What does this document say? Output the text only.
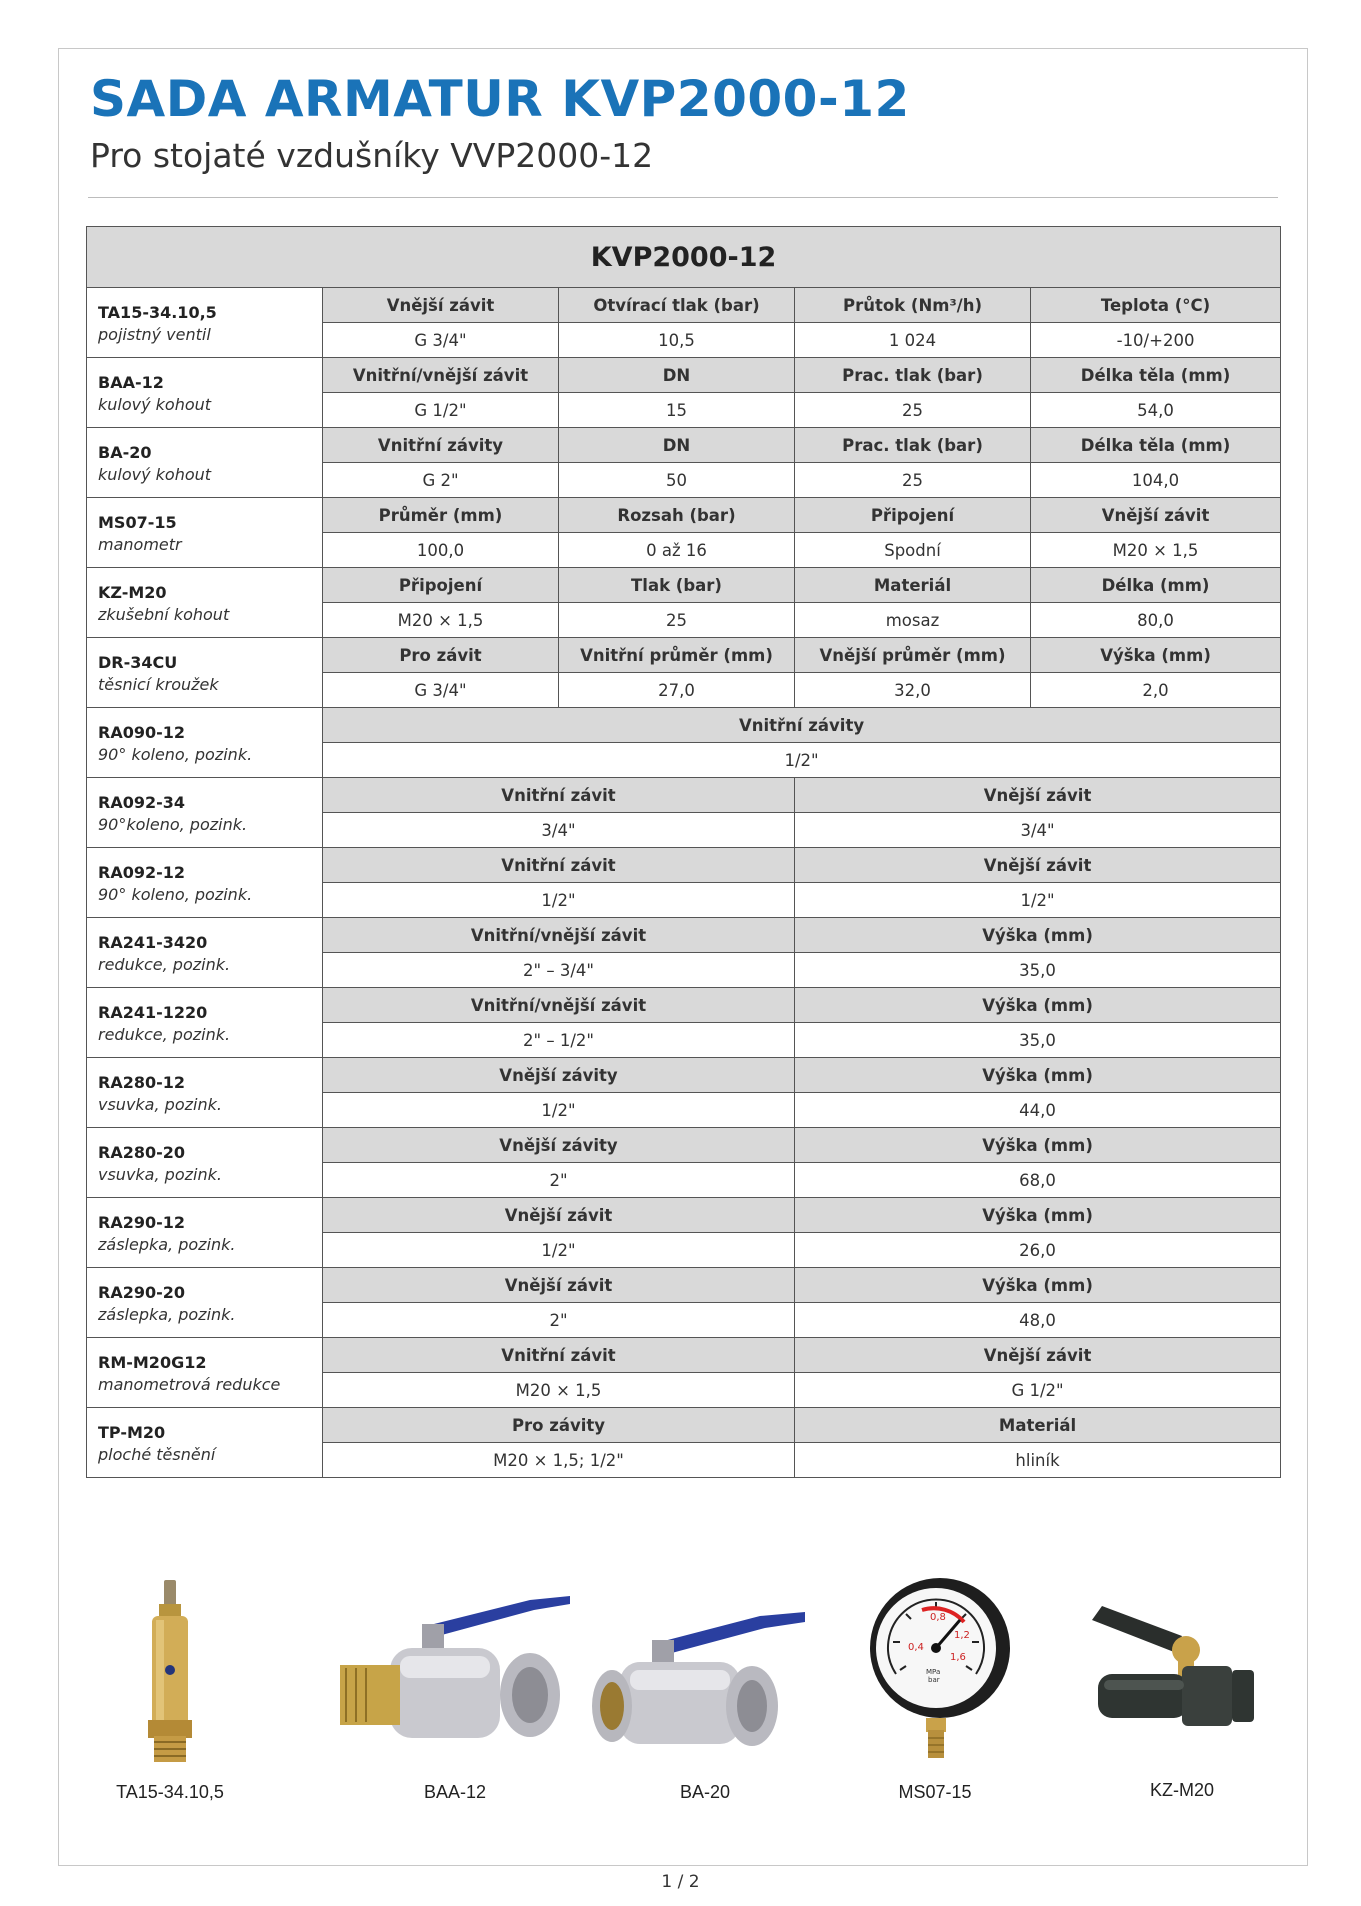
SADA ARMATUR KVP2000-12
Pro stojaté vzdušníky VVP2000-12
KVP2000-12				

TA15-34.10,5
pojistný ventil	Vnější závit	Otvírací tlak (bar)	Průtok (Nm³/h)	Teplota (°C)
	G 3/4"	10,5	1 024	-10/+200

BAA-12
kulový kohout	Vnitřní/vnější závit	DN	Prac. tlak (bar)	Délka těla (mm)
	G 1/2"	15	25	54,0

BA-20
kulový kohout	Vnitřní závity	DN	Prac. tlak (bar)	Délka těla (mm)
	G 2"	50	25	104,0

MS07-15
manometr	Průměr (mm)	Rozsah (bar)	Připojení	Vnější závit
	100,0	0 až 16	Spodní	M20 × 1,5

KZ-M20
zkušební kohout	Připojení	Tlak (bar)	Materiál	Délka (mm)
	M20 × 1,5	25	mosaz	80,0

DR-34CU
těsnicí kroužek	Pro závit	Vnitřní průměr (mm)	Vnější průměr (mm)	Výška (mm)
	G 3/4"	27,0	32,0	2,0

RA090-12
90° koleno, pozink.	Vnitřní závity			
	1/2"			

RA092-34
90°koleno, pozink.	Vnitřní závit		Vnější závit	
	3/4"		3/4"	

RA092-12
90° koleno, pozink.	Vnitřní závit		Vnější závit	
	1/2"		1/2"	

RA241-3420
redukce, pozink.	Vnitřní/vnější závit		Výška (mm)	
	2" – 3/4"		35,0	

RA241-1220
redukce, pozink.	Vnitřní/vnější závit		Výška (mm)	
	2" – 1/2"		35,0	

RA280-12
vsuvka, pozink.	Vnější závity		Výška (mm)	
	1/2"		44,0	

RA280-20
vsuvka, pozink.	Vnější závity		Výška (mm)	
	2"		68,0	

RA290-12
záslepka, pozink.	Vnější závit		Výška (mm)	
	1/2"		26,0	

RA290-20
záslepka, pozink.	Vnější závit		Výška (mm)	
	2"		48,0	

RM-M20G12
manometrová redukce	Vnitřní závit		Vnější závit	
	M20 × 1,5		G 1/2"	

TP-M20
ploché těsnění	Pro závity		Materiál	
	M20 × 1,5; 1/2"		hliník	
TA15-34.10,5	BAA-12	BA-20
0,4
0,8
1,2
1,6
MPa
bar
MS07-15	KZ-M20
1 / 2
